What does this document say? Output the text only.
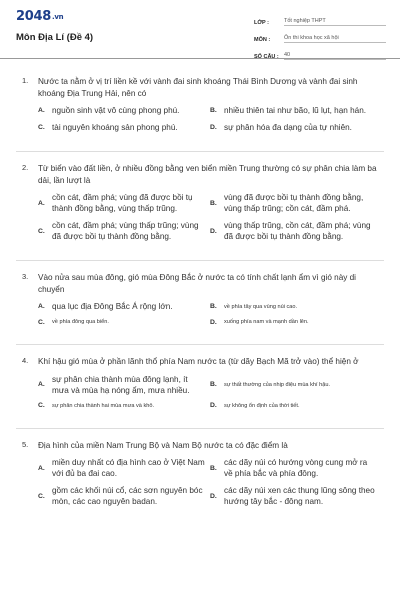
2048.vn
Môn Địa Lí (Đề 4)
LỚP :	Tốt nghiệp THPT
MÔN :	Ôn thi khoa học xã hội
SỐ CÂU : 40
1. Nước ta nằm ở vị trí liền kề với vành đai sinh khoáng Thái Bình Dương và vành đai sinh khoáng Địa Trung Hải, nên có
A. nguồn sinh vật vô cùng phong phú.	B. nhiều thiên tai như bão, lũ lụt, hạn hán.
C. tài nguyên khoáng sản phong phú.	D. sự phân hóa đa dạng của tự nhiên.
2. Từ biển vào đất liền, ở nhiều đồng bằng ven biển miền Trung thường có sự phân chia làm ba dải, lần lượt là
A.
cồn cát, đầm phá; vùng đã được bồi tụ thành đồng bằng, vùng thấp trũng.
B.
vùng đã được bồi tụ thành đồng bằng, vùng thấp trũng; cồn cát, đầm phá.
C.
cồn cát, đầm phá; vùng thấp trũng; vùng đã được bồi tụ thành đồng bằng.
D.
vùng thấp trũng, cồn cát, đầm phá; vùng đã được bồi tụ thành đồng bằng.
3. Vào nửa sau mùa đông, gió mùa Đông Bắc ở nước ta có tính chất lạnh ẩm vì gió này di chuyển
A. qua lục địa Đông Bắc Á rộng lớn.	B.	về phía tây qua vùng núi cao.
C.	về phía đông qua biển.	D.	xuống phía nam và mạnh dần lên.
4. Khí hậu gió mùa ở phần lãnh thổ phía Nam nước ta (từ dãy Bạch Mã trở vào) thể hiện ở
A.
sự phân chia thành mùa đông lạnh, ít mưa và mùa hạ nóng ẩm, mưa nhiều.
B.	sự thất thường của nhịp điệu mùa khí hậu.
C.	sự phân chia thành hai mùa mưa và khô.	D.	sự không ổn định của thời tiết.
5. Địa hình của miền Nam Trung Bộ và Nam Bộ nước ta có đặc điểm là
A.
miền duy nhất có địa hình cao ở Việt Nam với đủ ba đai cao.
B.
các dãy núi có hướng vòng cung mở ra về phía bắc và phía đông.
C.
gồm các khối núi cổ, các sơn nguyên bóc mòn, các cao nguyên badan.
D.
các dãy núi xen các thung lũng sông theo hướng tây bắc - đông nam.
